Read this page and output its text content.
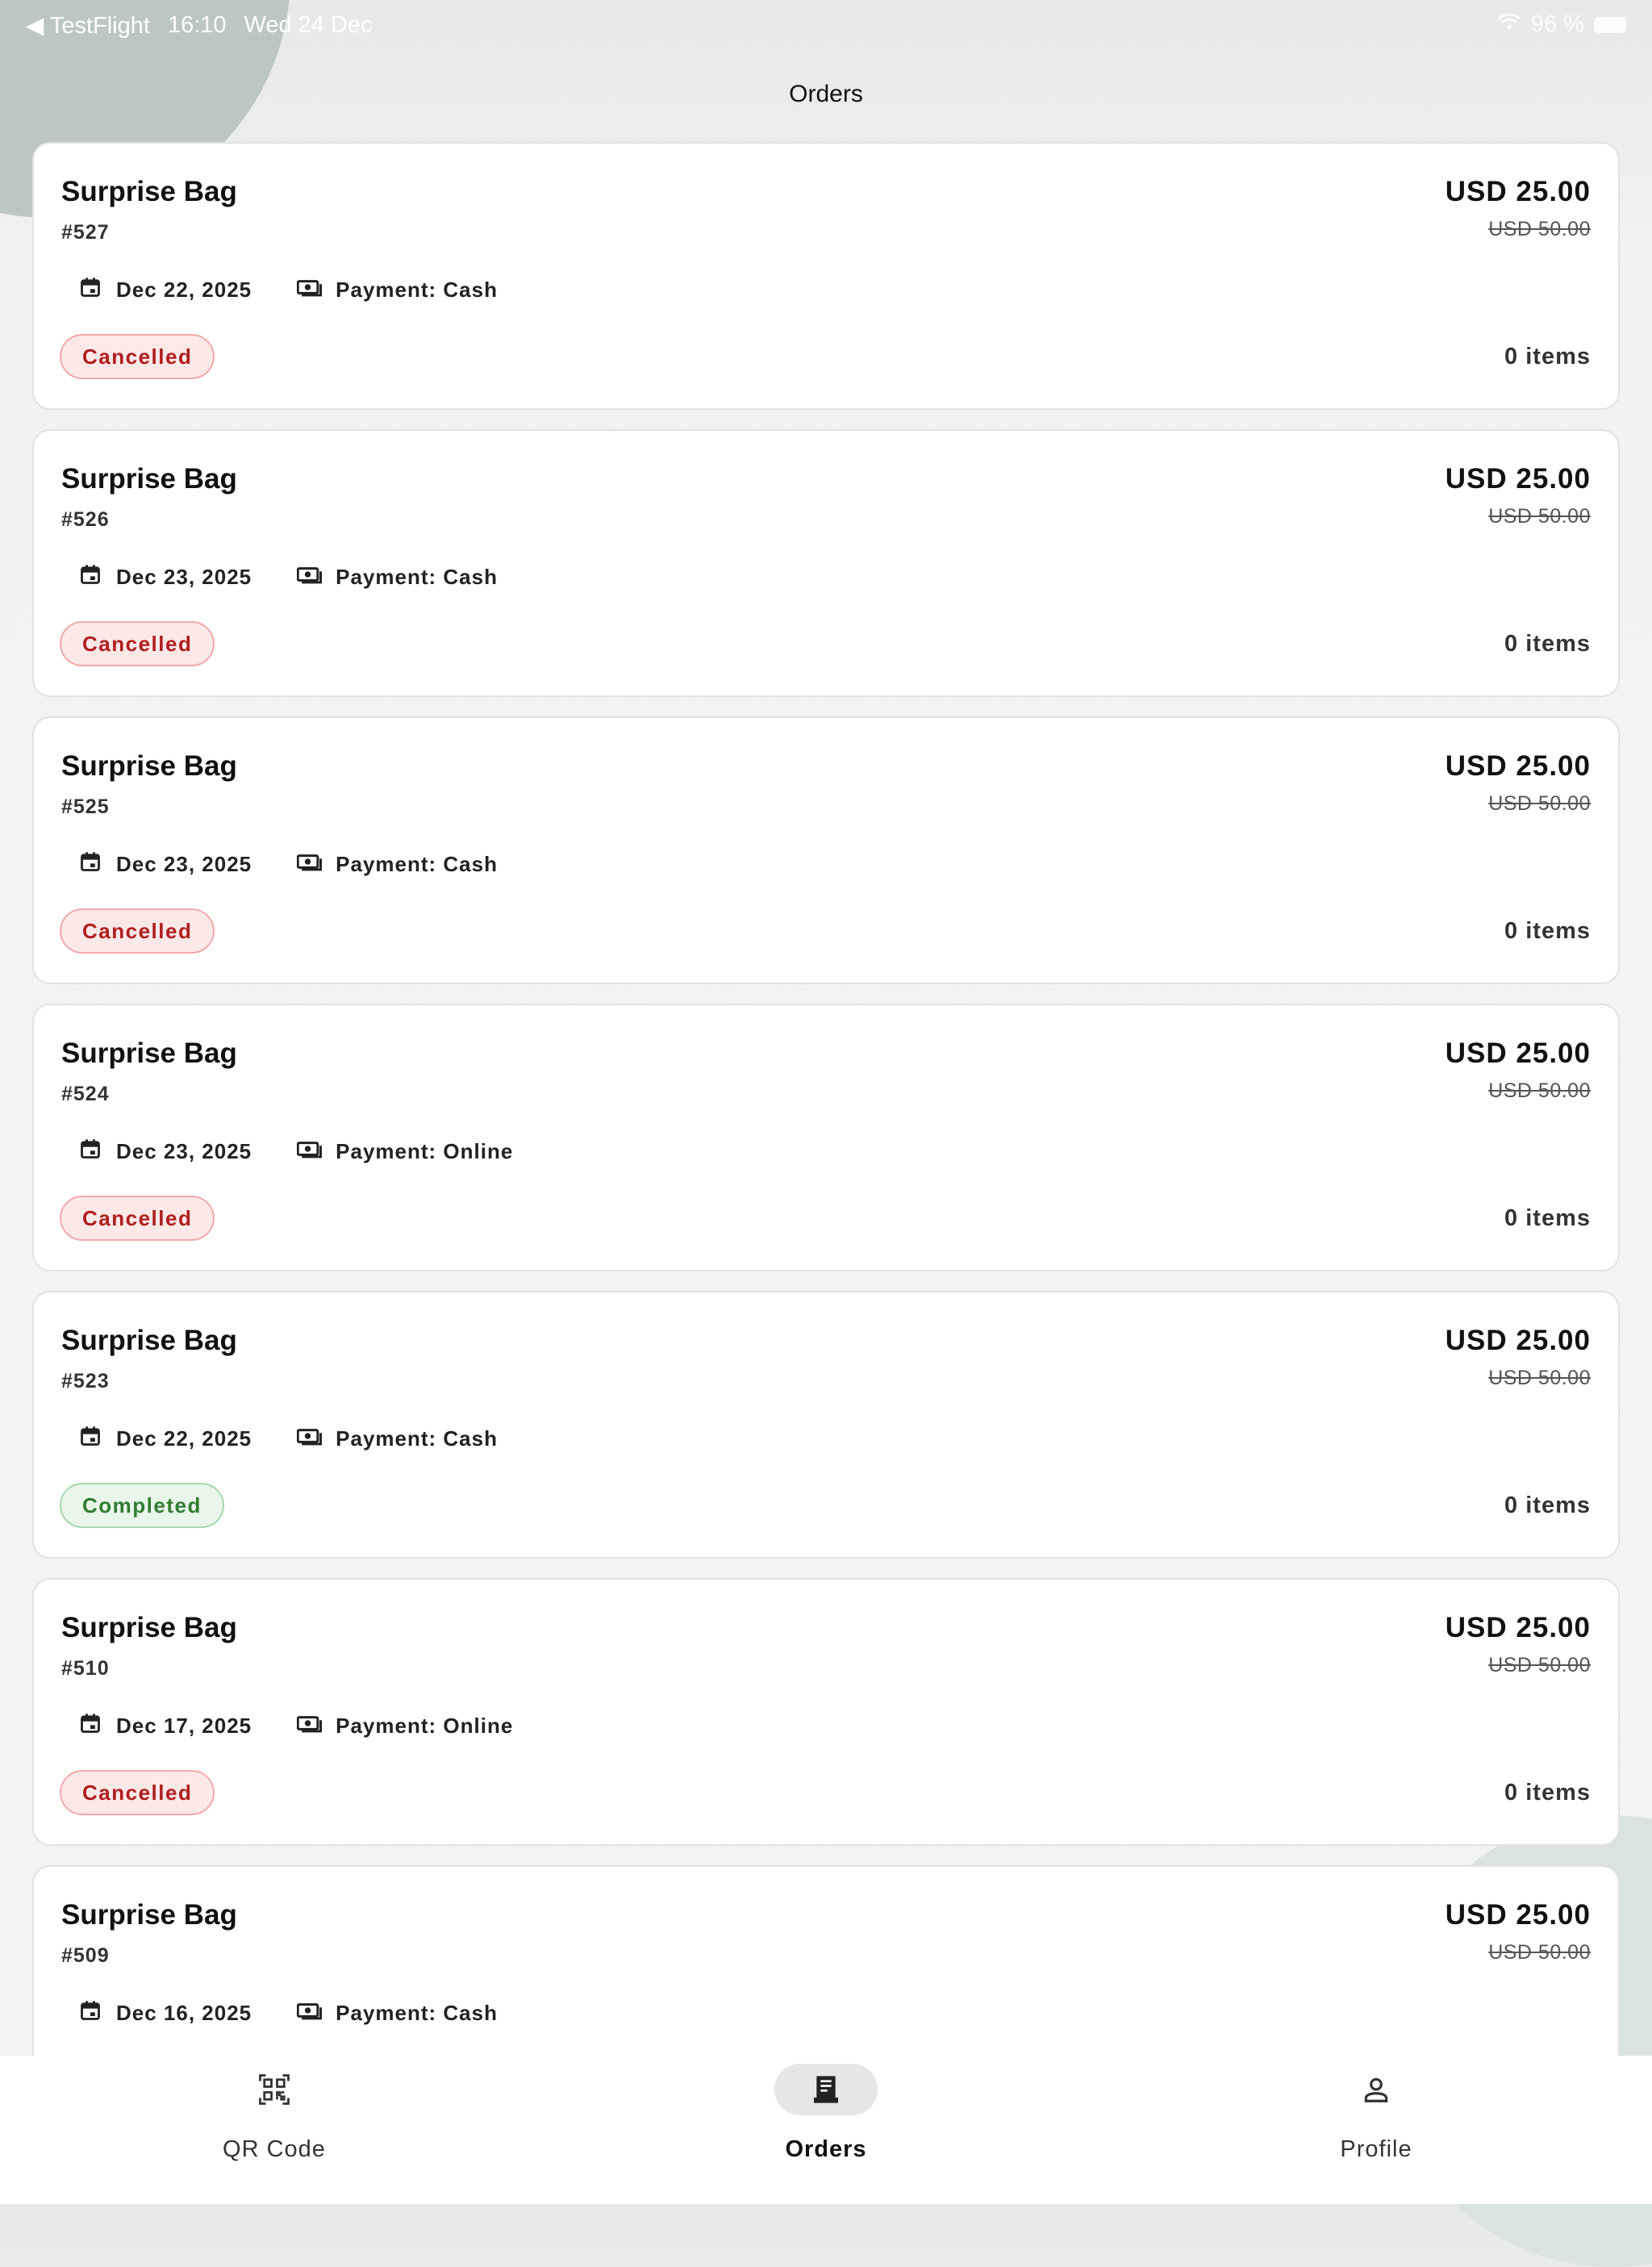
◀ TestFlight 16:10 Wed 24 Dec	96 %
Orders
Surprise Bag
#527
Dec 22, 2025	Payment: Cash
USD 25.00
USD 50.00
Cancelled	0 items
Surprise Bag
#526
Dec 23, 2025	Payment: Cash
USD 25.00
USD 50.00
Cancelled	0 items
Surprise Bag
#525
Dec 23, 2025	Payment: Cash
USD 25.00
USD 50.00
Cancelled	0 items
Surprise Bag
#524
Dec 23, 2025	Payment: Online
USD 25.00
USD 50.00
Cancelled	0 items
Surprise Bag
#523
Dec 22, 2025	Payment: Cash
USD 25.00
USD 50.00
Completed	0 items
Surprise Bag
#510
Dec 17, 2025	Payment: Online
USD 25.00
USD 50.00
Cancelled	0 items
Surprise Bag
#509
Dec 16, 2025	Payment: Cash
USD 25.00
USD 50.00
QR Code	Orders	Profile
